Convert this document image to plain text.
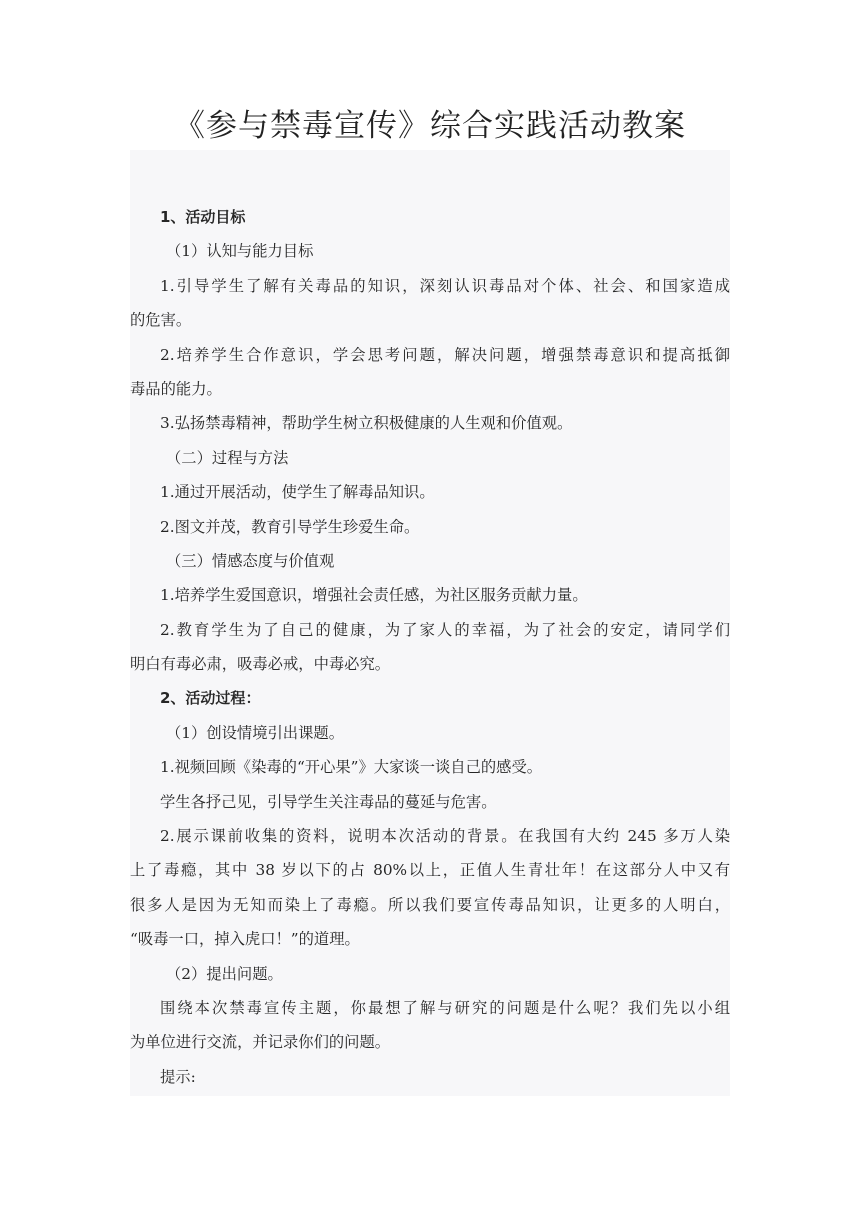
《参与禁毒宣传》综合实践活动教案
1、活动目标
（1）认知与能力目标
1.引导学生了解有关毒品的知识，深刻认识毒品对个体、社会、和国家造成
的危害。
2.培养学生合作意识，学会思考问题，解决问题，增强禁毒意识和提高抵御
毒品的能力。
3.弘扬禁毒精神，帮助学生树立积极健康的人生观和价值观。
（二）过程与方法
1.通过开展活动，使学生了解毒品知识。
2.图文并茂，教育引导学生珍爱生命。
（三）情感态度与价值观
1.培养学生爱国意识，增强社会责任感，为社区服务贡献力量。
2.教育学生为了自己的健康，为了家人的幸福，为了社会的安定，请同学们
明白有毒必肃，吸毒必戒，中毒必究。
2、活动过程：
（1）创设情境引出课题。
1.视频回顾《染毒的“开心果”》大家谈一谈自己的感受。
学生各抒己见，引导学生关注毒品的蔓延与危害。
2.展示课前收集的资料，说明本次活动的背景。在我国有大约 245 多万人染
上了毒瘾，其中 38 岁以下的占 80%以上，正值人生青壮年！在这部分人中又有
很多人是因为无知而染上了毒瘾。所以我们要宣传毒品知识，让更多的人明白，
“吸毒一口，掉入虎口！”的道理。
（2）提出问题。
围绕本次禁毒宣传主题，你最想了解与研究的问题是什么呢？我们先以小组
为单位进行交流，并记录你们的问题。
提示:
